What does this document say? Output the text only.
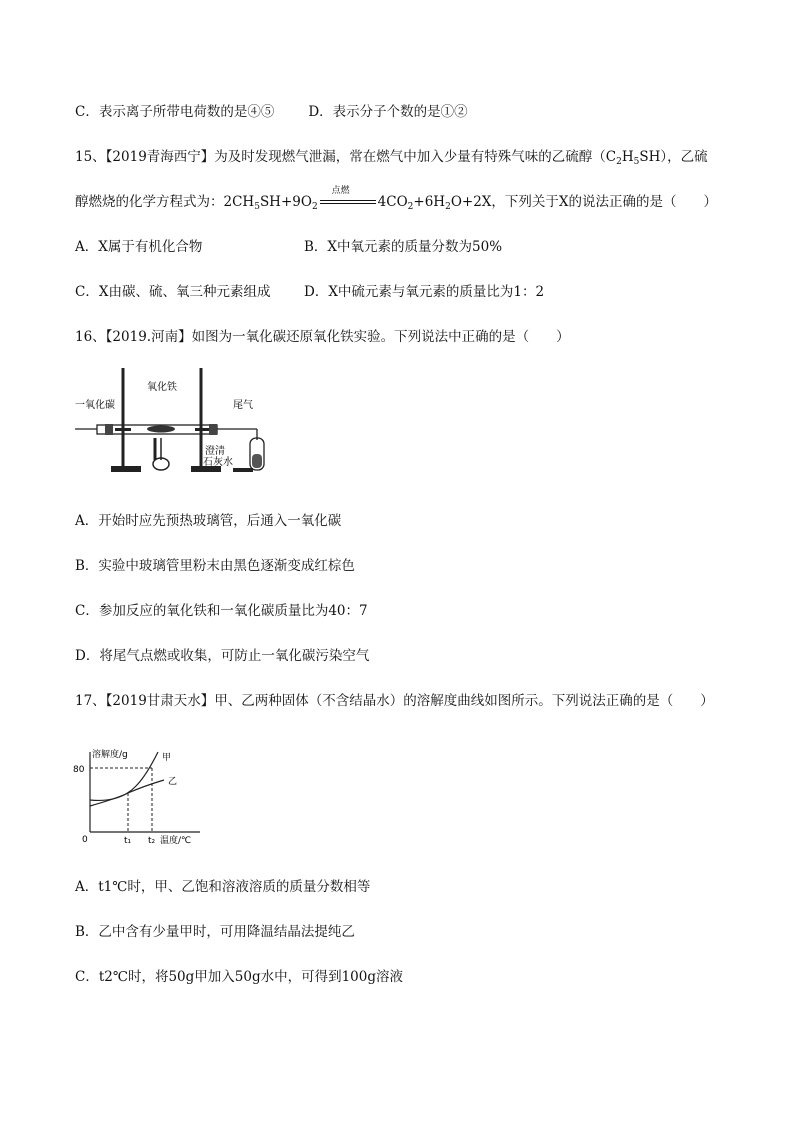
C．表示离子所带电荷数的是④⑤	D．表示分子个数的是①②
15、【2019青海西宁】为及时发现燃气泄漏，常在燃气中加入少量有特殊气味的乙硫醇$(C_2H_5SH)$，乙硫
醇燃烧的化学方程式为：$2CH_5SH+9O_2$
点燃
$4CO_2+6H_2O+2X$，下列关于X的说法正确的是（　　）
A．X属于有机化合物	B．X中氧元素的质量分数为50%
C．X由碳、硫、氧三种元素组成 D．X中硫元素与氧元素的质量比为1：2
16、【2019.河南】如图为一氧化碳还原氧化铁实验。下列说法中正确的是（　　）
一氧化碳
氧化铁
尾气
澄清
石灰水
A．开始时应先预热玻璃管，后通入一氧化碳
B．实验中玻璃管里粉末由黑色逐渐变成红棕色
C．参加反应的氧化铁和一氧化碳质量比为40：7
D．将尾气点燃或收集，可防止一氧化碳污染空气
17、【2019甘肃天水】甲、乙两种固体（不含结晶水）的溶解度曲线如图所示。下列说法正确的是（　　）
溶解度/g
80
0	t₁ t₂ 温度/℃
甲
乙
A．t1℃时，甲、乙饱和溶液溶质的质量分数相等
B．乙中含有少量甲时，可用降温结晶法提纯乙
C．t2℃时，将50g甲加入50g水中，可得到100g溶液
